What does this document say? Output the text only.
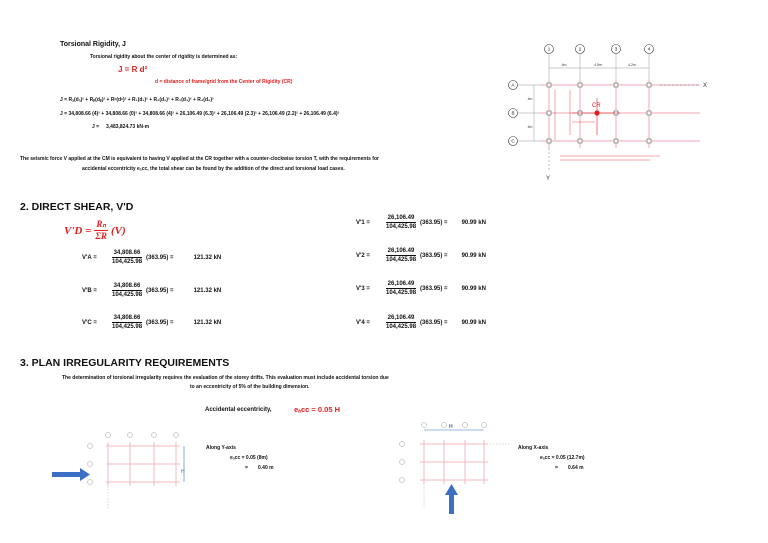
Torsional Rigidity, J
Torsional rigidity about the center of rigidity is determined as:
J = R d²
d = distance of frame/grid from the Center of Rigidity (CR)
J = Rₐ(dₐ)² + Rᵦ(dᵦ)² + Rᶜ(dᶜ)² + R₁(d₁)² + R₂(d₂)² + R₃(d₃)² + R₄(d₄)²
J = 34,808.66 (4)² + 34,808.66 (0)² + 34,808.66 (4)² + 26,106.49 (6.3)² + 26,106.49 (2.3)² + 26,106.49 (2.2)² + 26,106.49 (6.4)²
J = 3,483,824.73 kN-m
The seismic force V applied at the CM is equivalent to having V applied at the CR together with a counter-clockwise torsion T, with the requirements for
accidental eccentricity eₐcc, the total shear can be found by the addition of the direct and torsional load cases.
1	2	3	4
A
B
C
4m	4.5m	4.2m
4m
4m
X
Y
CR
2. DIRECT SHEAR, V'D
$V'D = \frac{\text{Rₙ}}{\Sigma R} (V)$
V'A =	$\frac{34,808.66}{104,425.98} (363.95)$ =	121.32 kN
V'B =	$\frac{34,808.66}{104,425.98} (363.95)$ =	121.32 kN
V'C =	$\frac{34,808.66}{104,425.98} (363.95)$ =	121.32 kN
V'1 =	$\frac{26,106.49}{104,425.98} (363.95) = 90.99$ kN
V'2 =	$\frac{26,106.49}{104,425.98} (363.95) = 90.99$ kN
V'3 =	$\frac{26,106.49}{104,425.98} (363.95) = 90.99$ kN
V'4 =	$\frac{26,106.49}{104,425.98} (363.95) = 90.99$ kN
3. PLAN IRREGULARITY REQUIREMENTS
The determination of torsional irregularity requires the evaluation of the storey drifts. This evaluation must include accidental torsion due
to an eccentricity of 5% of the building dimension.
Accidental eccentricity,	eₐcc = 0.05 H
H
Along Y-axis
eₐcc = 0.05 (8m)
= 0.40 m
H
Along X-axis
eₐcc = 0.05 (12.7m)
= 0.64 m
